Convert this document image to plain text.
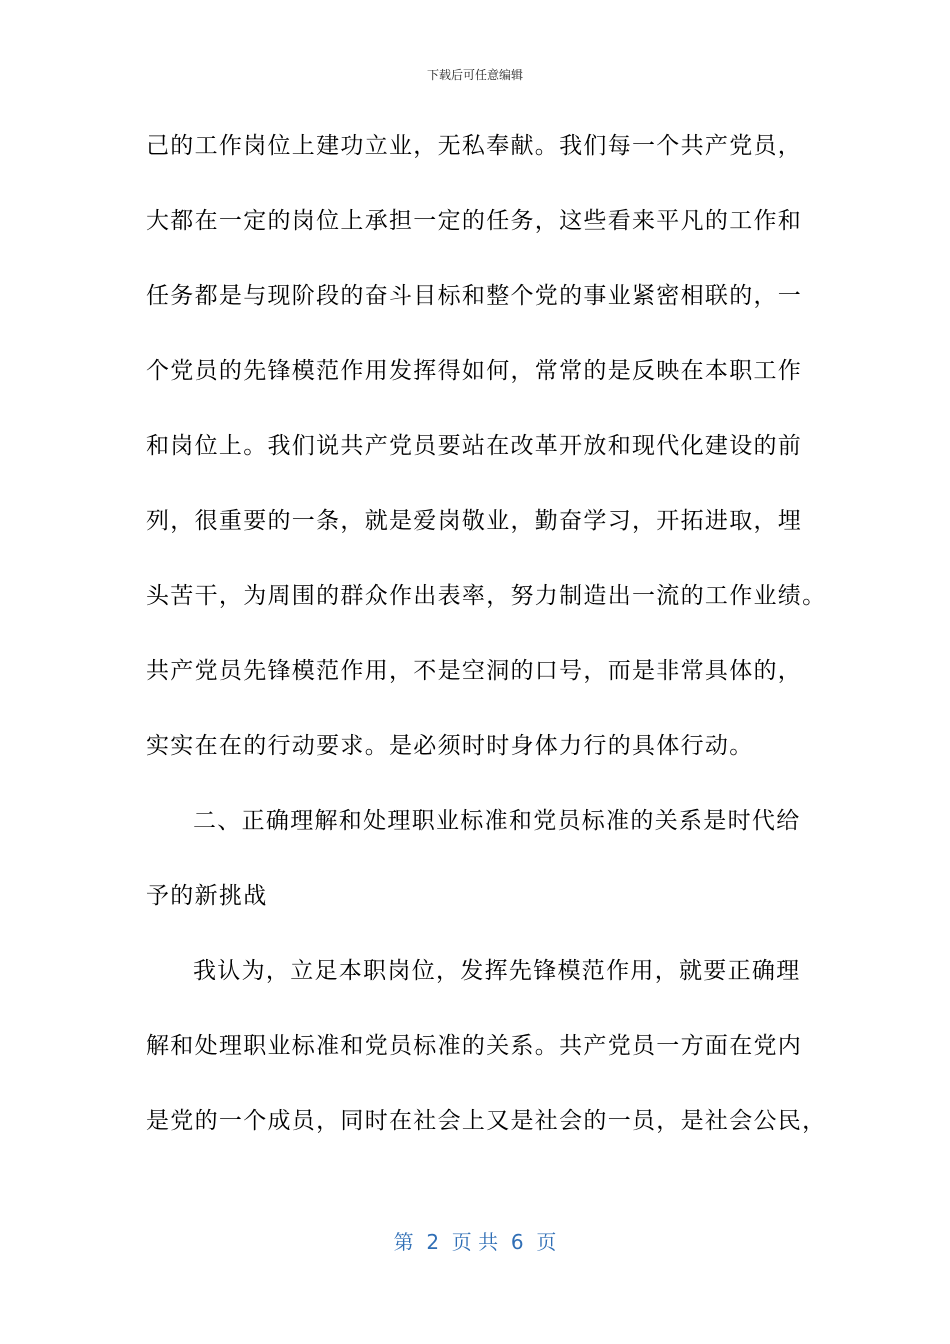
下载后可任意编辑
己的工作岗位上建功立业，无私奉献。我们每一个共产党员，
大都在一定的岗位上承担一定的任务，这些看来平凡的工作和
任务都是与现阶段的奋斗目标和整个党的事业紧密相联的，一
个党员的先锋模范作用发挥得如何，常常的是反映在本职工作
和岗位上。我们说共产党员要站在改革开放和现代化建设的前
列，很重要的一条，就是爱岗敬业，勤奋学习，开拓进取，埋
头苦干，为周围的群众作出表率，努力制造出一流的工作业绩。
共产党员先锋模范作用，不是空洞的口号，而是非常具体的，
实实在在的行动要求。是必须时时身体力行的具体行动。
二、正确理解和处理职业标准和党员标准的关系是时代给
予的新挑战
我认为，立足本职岗位，发挥先锋模范作用，就要正确理
解和处理职业标准和党员标准的关系。共产党员一方面在党内
是党的一个成员，同时在社会上又是社会的一员，是社会公民，
第  2  页 共  6  页
